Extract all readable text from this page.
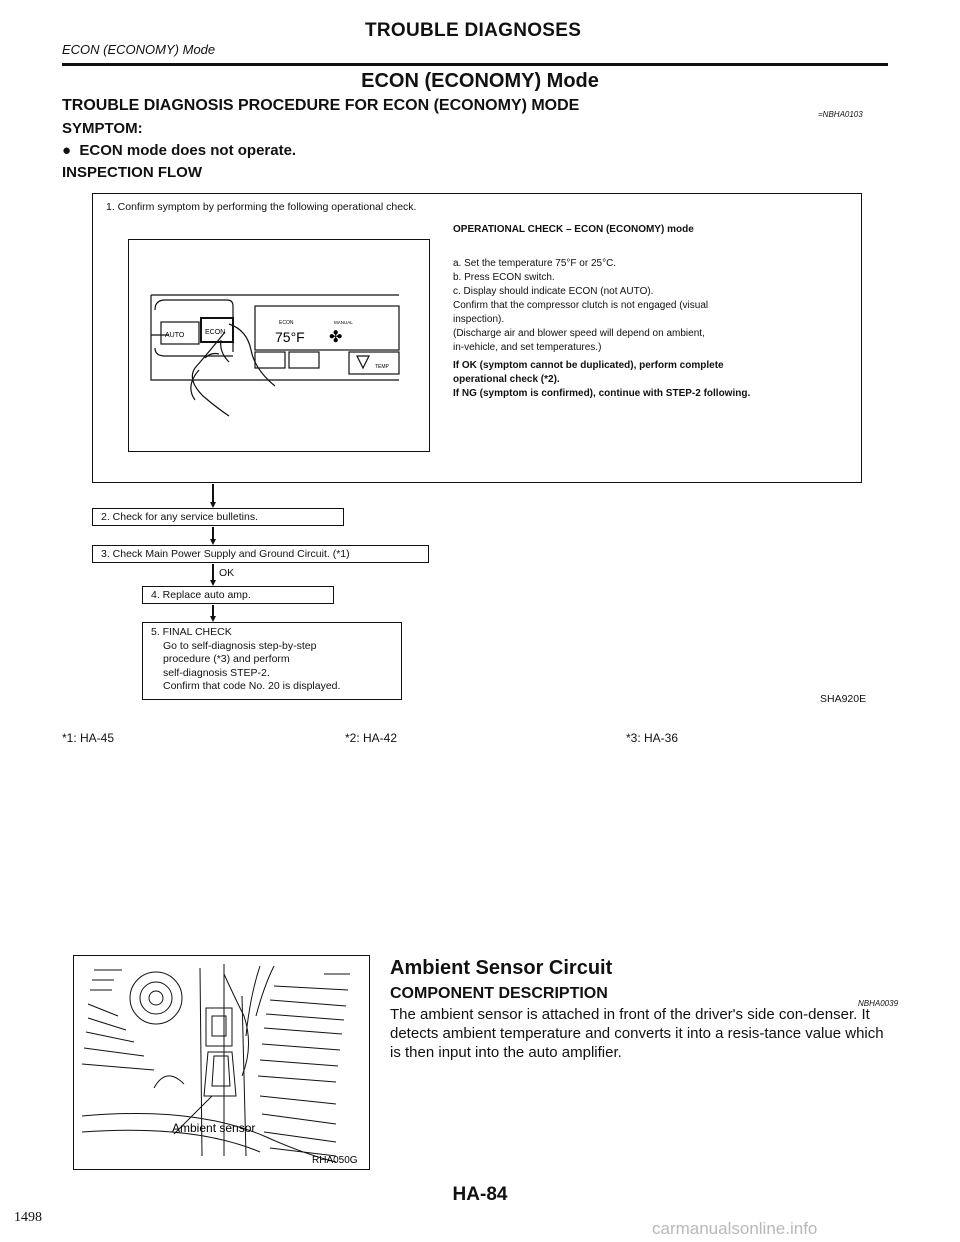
ECON (ECONOMY) Mode
TROUBLE DIAGNOSES
ECON (ECONOMY) Mode
TROUBLE DIAGNOSIS PROCEDURE FOR ECON (ECONOMY) MODE
=NBHA0103
SYMPTOM:
●  ECON mode does not operate.
INSPECTION FLOW
1. Confirm symptom by performing the following operational check.
OPERATIONAL CHECK – ECON (ECONOMY) mode
a. Set the temperature 75°F or 25°C.
b. Press ECON switch.
c. Display should indicate ECON (not AUTO).
Confirm that the compressor clutch is not engaged (visual
inspection).
(Discharge air and blower speed will depend on ambient,
in-vehicle, and set temperatures.)
If OK (symptom cannot be duplicated), perform complete
operational check (*2).
If NG (symptom is confirmed), continue with STEP-2 following.
ECON	MANUAL
75°F ✤
AUTO	ECON
TEMP
2. Check for any service bulletins.
3. Check Main Power Supply and Ground Circuit. (*1)
OK
4. Replace auto amp.
5. FINAL CHECK
Go to self-diagnosis step-by-step
procedure (*3) and perform
self-diagnosis STEP-2.
Confirm that code No. 20 is displayed.
SHA920E
*1: HA-45	*2: HA-42	*3: HA-36
Ambient sensor
RHA050G
Ambient Sensor Circuit
COMPONENT DESCRIPTION
NBHA0039
The ambient sensor is attached in front of the driver's side con-denser. It detects ambient temperature and converts it into a resis-tance value which is then input into the auto amplifier.
HA-84
1498
carmanualsonline.info
